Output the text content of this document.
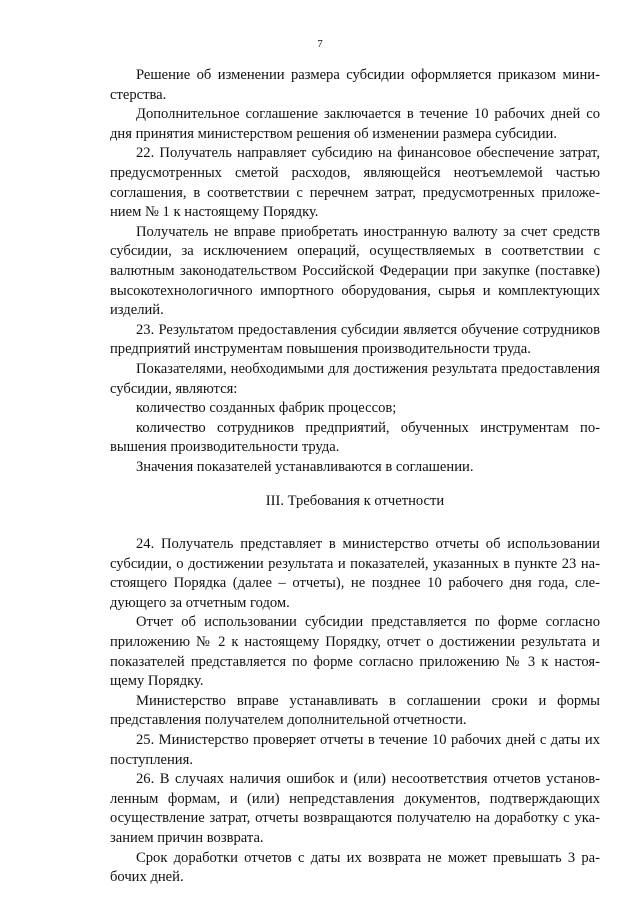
7

Решение об изменении размера субсидии оформляется приказом министерства.

Дополнительное соглашение заключается в течение 10 рабочих дней со дня принятия министерством решения об изменении размера субсидии.

22. Получатель направляет субсидию на финансовое обеспечение затрат, предусмотренных сметой расходов, являющейся неотъемлемой частью соглашения, в соответствии с перечнем затрат, предусмотренных приложением № 1 к настоящему Порядку.

Получатель не вправе приобретать иностранную валюту за счет средств субсидии, за исключением операций, осуществляемых в соответствии с валютным законодательством Российской Федерации при закупке (поставке) высокотехнологичного импортного оборудования, сырья и комплектующих изделий.

23. Результатом предоставления субсидии является обучение сотрудников предприятий инструментам повышения производительности труда.

Показателями, необходимыми для достижения результата предоставления субсидии, являются:

количество созданных фабрик процессов;

количество сотрудников предприятий, обученных инструментам повышения производительности труда.

Значения показателей устанавливаются в соглашении.

III. Требования к отчетности

24. Получатель представляет в министерство отчеты об использовании субсидии, о достижении результата и показателей, указанных в пункте 23 настоящего Порядка (далее – отчеты), не позднее 10 рабочего дня года, следующего за отчетным годом.

Отчет об использовании субсидии представляется по форме согласно приложению № 2 к настоящему Порядку, отчет о достижении результата и показателей представляется по форме согласно приложению № 3 к настоящему Порядку.

Министерство вправе устанавливать в соглашении сроки и формы представления получателем дополнительной отчетности.

25. Министерство проверяет отчеты в течение 10 рабочих дней с даты их поступления.

26. В случаях наличия ошибок и (или) несоответствия отчетов установленным формам, и (или) непредставления документов, подтверждающих осуществление затрат, отчеты возвращаются получателю на доработку с указанием причин возврата.

Срок доработки отчетов с даты их возврата не может превышать 3 рабочих дней.
